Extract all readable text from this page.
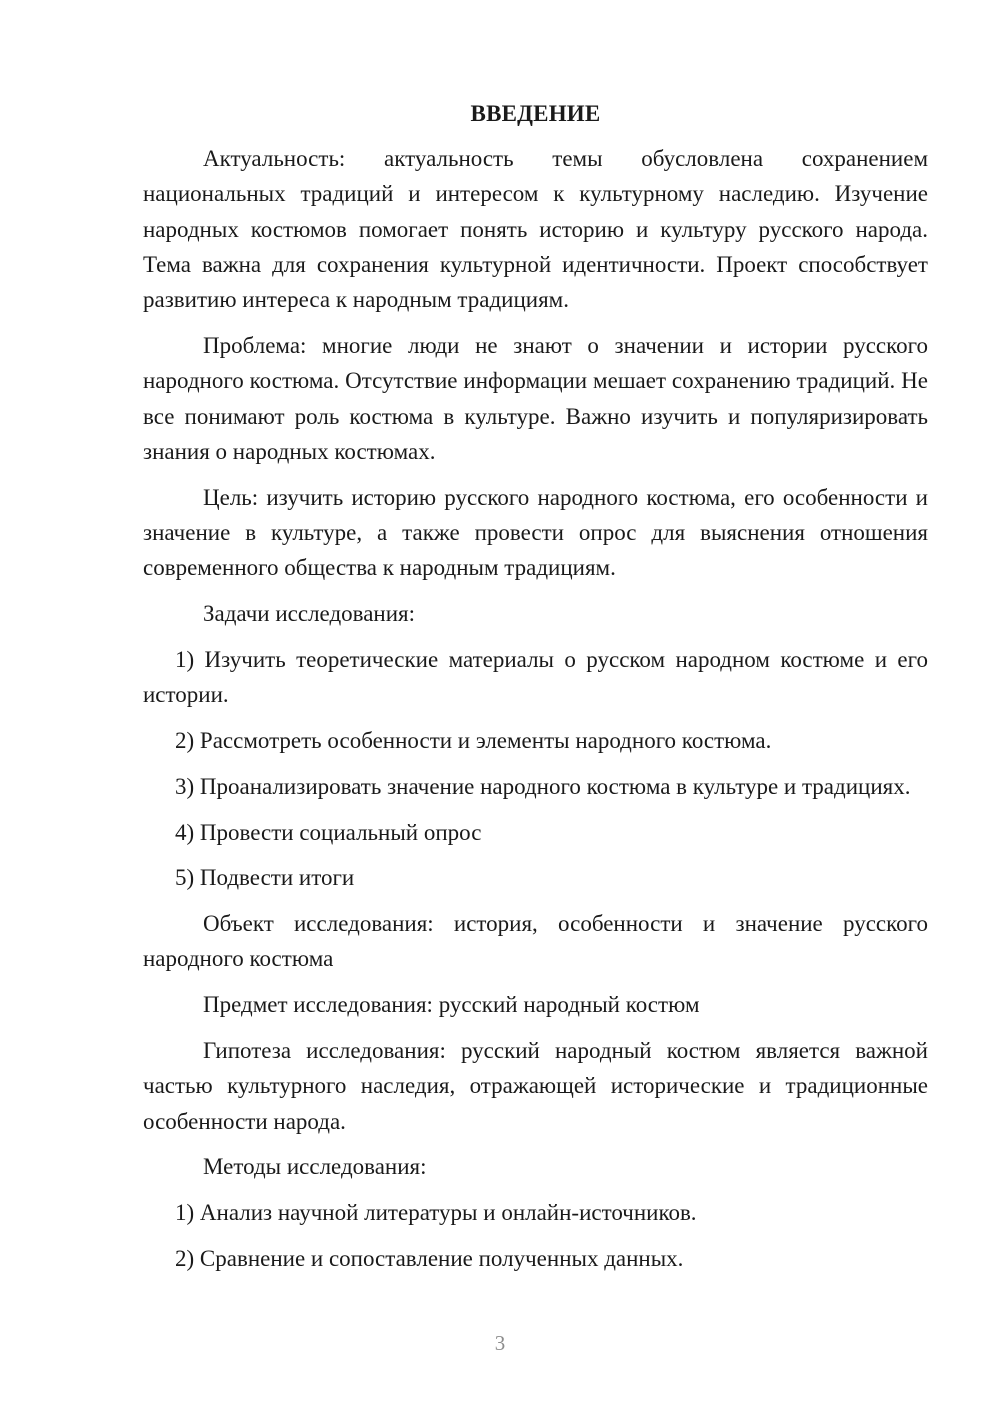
ВВЕДЕНИЕ

Актуальность: актуальность темы обусловлена сохранением национальных традиций и интересом к культурному наследию. Изучение народных костюмов помогает понять историю и культуру русского народа. Тема важна для сохранения культурной идентичности. Проект способствует развитию интереса к народным традициям.

Проблема: многие люди не знают о значении и истории русского народного костюма. Отсутствие информации мешает сохранению традиций. Не все понимают роль костюма в культуре. Важно изучить и популяризировать знания о народных костюмах.

Цель: изучить историю русского народного костюма, его особенности и значение в культуре, а также провести опрос для выяснения отношения современного общества к народным традициям.

Задачи исследования:

1) Изучить теоретические материалы о русском народном костюме и его истории.

2) Рассмотреть особенности и элементы народного костюма.

3) Проанализировать значение народного костюма в культуре и традициях.

4) Провести социальный опрос

5) Подвести итоги

Объект исследования: история, особенности и значение русского народного костюма

Предмет исследования: русский народный костюм

Гипотеза исследования: русский народный костюм является важной частью культурного наследия, отражающей исторические и традиционные особенности народа.

Методы исследования:

1) Анализ научной литературы и онлайн-источников.

2) Сравнение и сопоставление полученных данных.

3
